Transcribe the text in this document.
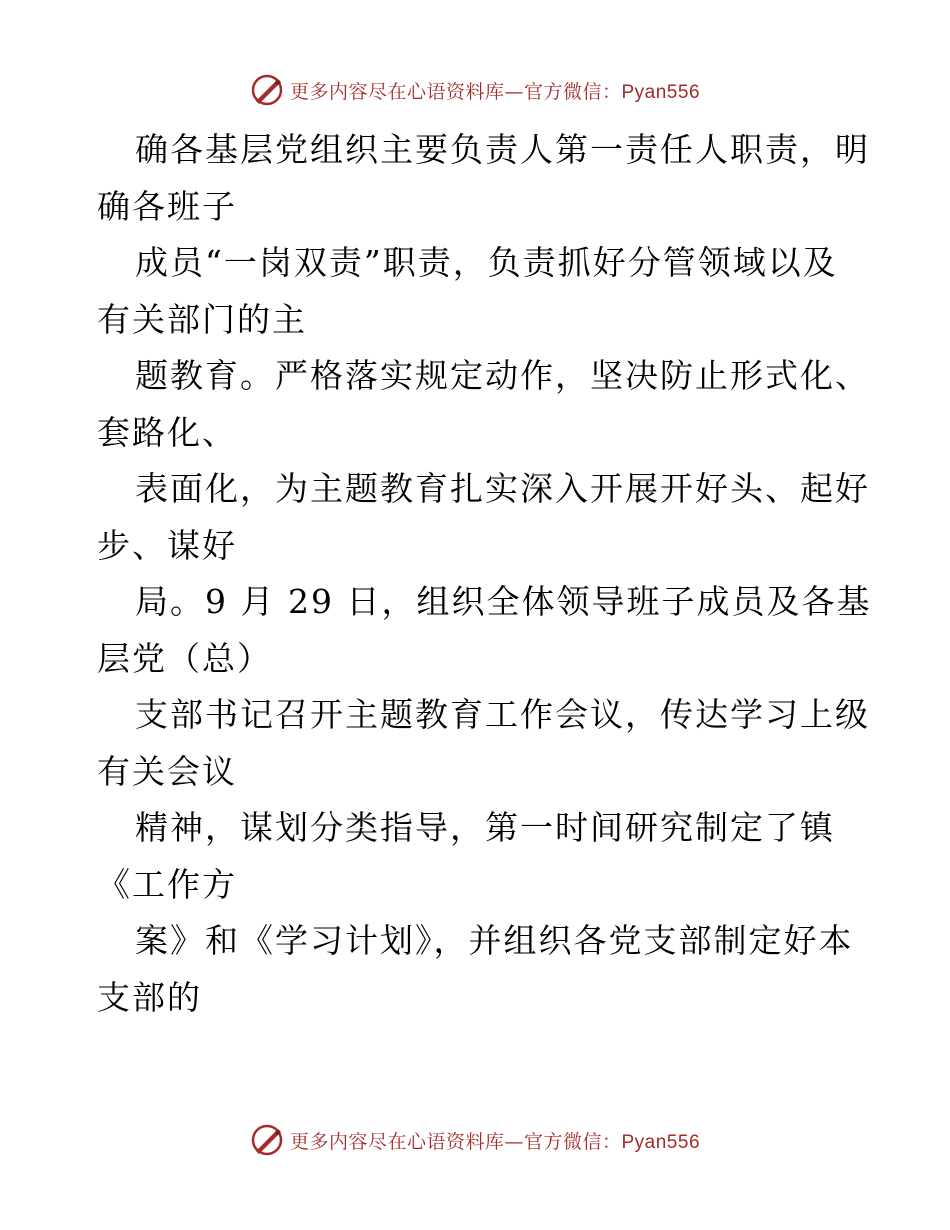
更多内容尽在心语资料库—官方微信：Pyan556
确各基层党组织主要负责人第一责任人职责，明
确各班子
成员“一岗双责”职责，负责抓好分管领域以及
有关部门的主
题教育。严格落实规定动作，坚决防止形式化、
套路化、
表面化，为主题教育扎实深入开展开好头、起好
步、谋好
局。9 月 29 日，组织全体领导班子成员及各基
层党（总）
支部书记召开主题教育工作会议，传达学习上级
有关会议
精神，谋划分类指导，第一时间研究制定了镇
《工作方
案》和《学习计划》，并组织各党支部制定好本
支部的
更多内容尽在心语资料库—官方微信：Pyan556
